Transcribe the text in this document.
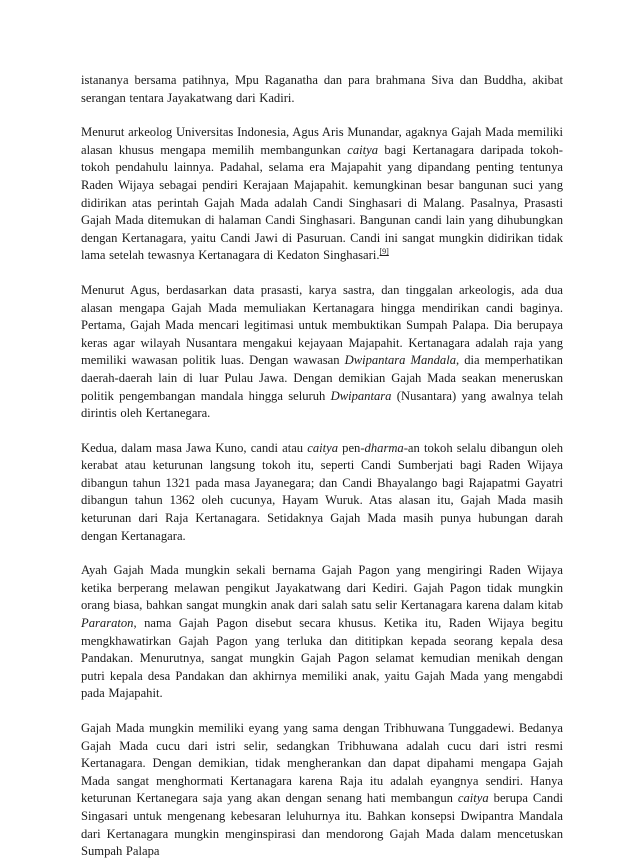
istananya bersama patihnya, Mpu Raganatha dan para brahmana Siva dan Buddha, akibat serangan tentara Jayakatwang dari Kadiri.

Menurut arkeolog Universitas Indonesia, Agus Aris Munandar, agaknya Gajah Mada memiliki alasan khusus mengapa memilih membangunkan caitya bagi Kertanagara daripada tokoh-tokoh pendahulu lainnya. Padahal, selama era Majapahit yang dipandang penting tentunya Raden Wijaya sebagai pendiri Kerajaan Majapahit. kemungkinan besar bangunan suci yang didirikan atas perintah Gajah Mada adalah Candi Singhasari di Malang. Pasalnya, Prasasti Gajah Mada ditemukan di halaman Candi Singhasari. Bangunan candi lain yang dihubungkan dengan Kertanagara, yaitu Candi Jawi di Pasuruan. Candi ini sangat mungkin didirikan tidak lama setelah tewasnya Kertanagara di Kedaton Singhasari.[9]

Menurut Agus, berdasarkan data prasasti, karya sastra, dan tinggalan arkeologis, ada dua alasan mengapa Gajah Mada memuliakan Kertanagara hingga mendirikan candi baginya. Pertama, Gajah Mada mencari legitimasi untuk membuktikan Sumpah Palapa. Dia berupaya keras agar wilayah Nusantara mengakui kejayaan Majapahit. Kertanagara adalah raja yang memiliki wawasan politik luas. Dengan wawasan Dwipantara Mandala, dia memperhatikan daerah-daerah lain di luar Pulau Jawa. Dengan demikian Gajah Mada seakan meneruskan politik pengembangan mandala hingga seluruh Dwipantara (Nusantara) yang awalnya telah dirintis oleh Kertanegara.

Kedua, dalam masa Jawa Kuno, candi atau caitya pen-dharma-an tokoh selalu dibangun oleh kerabat atau keturunan langsung tokoh itu, seperti Candi Sumberjati bagi Raden Wijaya dibangun tahun 1321 pada masa Jayanegara; dan Candi Bhayalango bagi Rajapatmi Gayatri dibangun tahun 1362 oleh cucunya, Hayam Wuruk. Atas alasan itu, Gajah Mada masih keturunan dari Raja Kertanagara. Setidaknya Gajah Mada masih punya hubungan darah dengan Kertanagara.

Ayah Gajah Mada mungkin sekali bernama Gajah Pagon yang mengiringi Raden Wijaya ketika berperang melawan pengikut Jayakatwang dari Kediri. Gajah Pagon tidak mungkin orang biasa, bahkan sangat mungkin anak dari salah satu selir Kertanagara karena dalam kitab Pararaton, nama Gajah Pagon disebut secara khusus. Ketika itu, Raden Wijaya begitu mengkhawatirkan Gajah Pagon yang terluka dan dititipkan kepada seorang kepala desa Pandakan. Menurutnya, sangat mungkin Gajah Pagon selamat kemudian menikah dengan putri kepala desa Pandakan dan akhirnya memiliki anak, yaitu Gajah Mada yang mengabdi pada Majapahit.

Gajah Mada mungkin memiliki eyang yang sama dengan Tribhuwana Tunggadewi. Bedanya Gajah Mada cucu dari istri selir, sedangkan Tribhuwana adalah cucu dari istri resmi Kertanagara. Dengan demikian, tidak mengherankan dan dapat dipahami mengapa Gajah Mada sangat menghormati Kertanagara karena Raja itu adalah eyangnya sendiri. Hanya keturunan Kertanegara saja yang akan dengan senang hati membangun caitya berupa Candi Singasari untuk mengenang kebesaran leluhurnya itu. Bahkan konsepsi Dwipantra Mandala dari Kertanagara mungkin menginspirasi dan mendorong Gajah Mada dalam mencetuskan Sumpah Palapa
